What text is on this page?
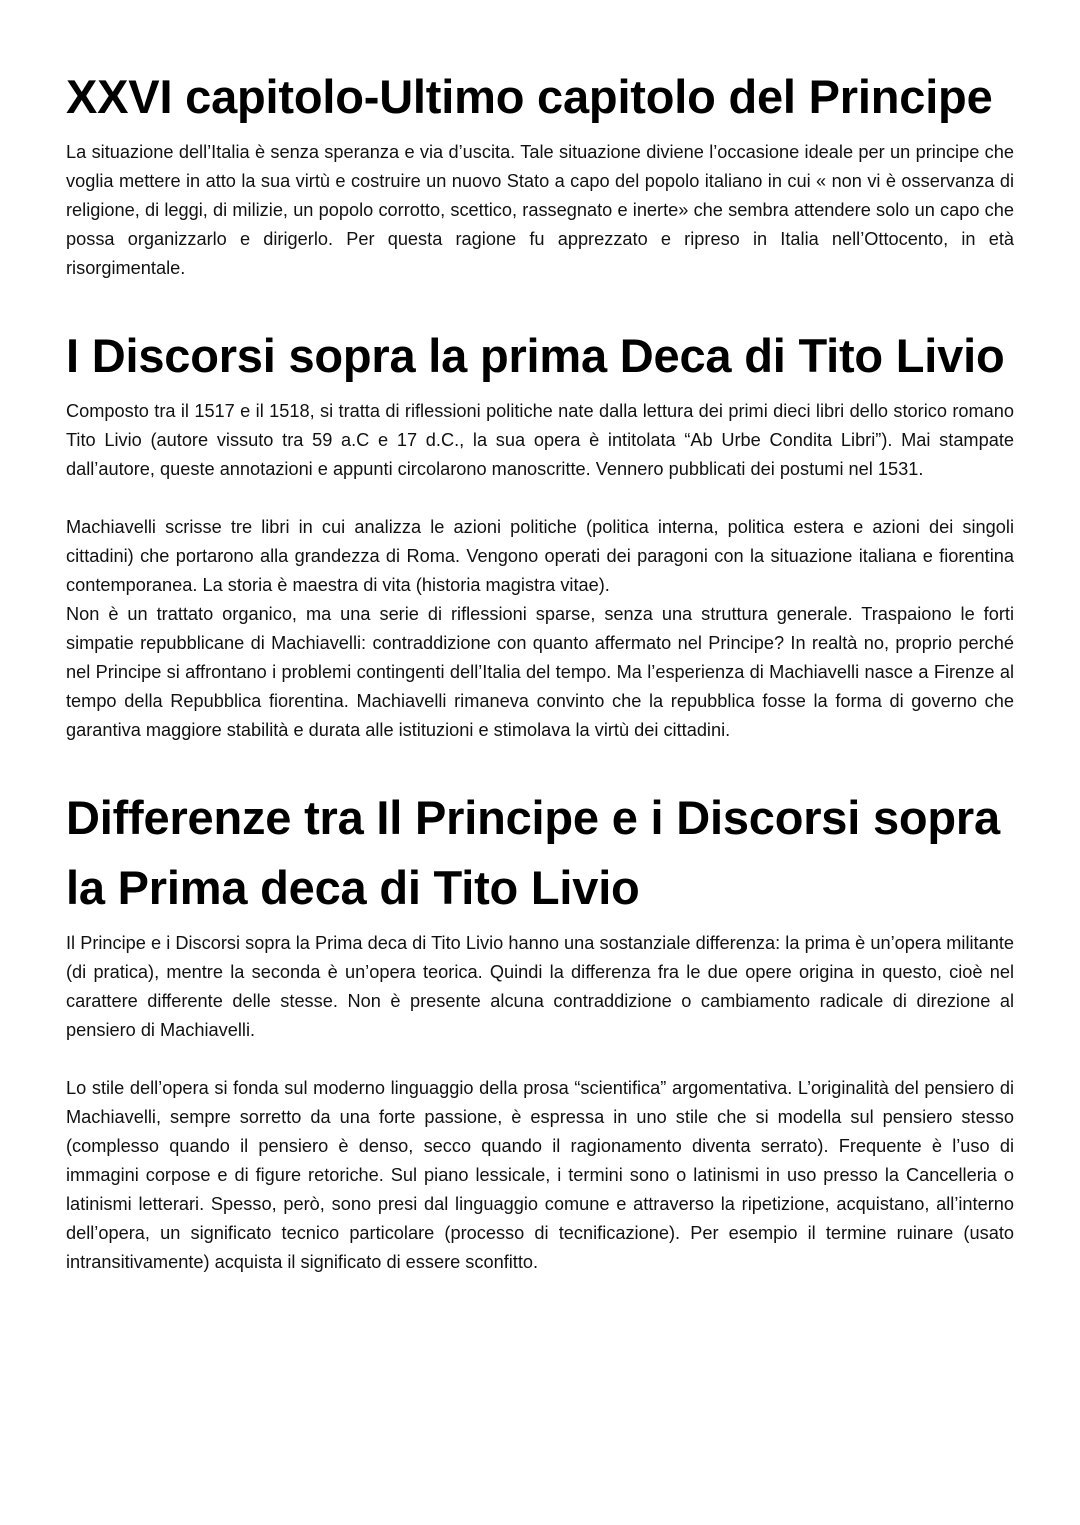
XXVI capitolo-Ultimo capitolo del Principe

La situazione dell’Italia è senza speranza e via d’uscita. Tale situazione diviene l’occasione ideale per un principe che voglia mettere in atto la sua virtù e costruire un nuovo Stato a capo del popolo italiano in cui « non vi è osservanza di religione, di leggi, di milizie, un popolo corrotto, scettico, rassegnato e inerte» che sembra attendere solo un capo che possa organizzarlo e dirigerlo. Per questa ragione fu apprezzato e ripreso in Italia nell’Ottocento, in età risorgimentale.

I Discorsi sopra la prima Deca di Tito Livio

Composto tra il 1517 e il 1518, si tratta di riflessioni politiche nate dalla lettura dei primi dieci libri dello storico romano Tito Livio (autore vissuto tra 59 a.C e 17 d.C., la sua opera è intitolata “Ab Urbe Condita Libri”). Mai stampate dall’autore, queste annotazioni e appunti circolarono manoscritte. Vennero pubblicati dei postumi nel 1531.

Machiavelli scrisse tre libri in cui analizza le azioni politiche (politica interna, politica estera e azioni dei singoli cittadini) che portarono alla grandezza di Roma. Vengono operati dei paragoni con la situazione italiana e fiorentina contemporanea. La storia è maestra di vita (historia magistra vitae).

Non è un trattato organico, ma una serie di riflessioni sparse, senza una struttura generale. Traspaiono le forti simpatie repubblicane di Machiavelli: contraddizione con quanto affermato nel Principe? In realtà no, proprio perché nel Principe si affrontano i problemi contingenti dell’Italia del tempo. Ma l’esperienza di Machiavelli nasce a Firenze al tempo della Repubblica fiorentina. Machiavelli rimaneva convinto che la repubblica fosse la forma di governo che garantiva maggiore stabilità e durata alle istituzioni e stimolava la virtù dei cittadini.

Differenze tra Il Principe e i Discorsi sopra la Prima deca di Tito Livio

Il Principe e i Discorsi sopra la Prima deca di Tito Livio hanno una sostanziale differenza: la prima è un’opera militante (di pratica), mentre la seconda è un’opera teorica. Quindi la differenza fra le due opere origina in questo, cioè nel carattere differente delle stesse. Non è presente alcuna contraddizione o cambiamento radicale di direzione al pensiero di Machiavelli.

Lo stile dell’opera si fonda sul moderno linguaggio della prosa “scientifica” argomentativa. L’originalità del pensiero di Machiavelli, sempre sorretto da una forte passione, è espressa in uno stile che si modella sul pensiero stesso (complesso quando il pensiero è denso, secco quando il ragionamento diventa serrato). Frequente è l’uso di immagini corpose e di figure retoriche. Sul piano lessicale, i termini sono o latinismi in uso presso la Cancelleria o latinismi letterari. Spesso, però, sono presi dal linguaggio comune e attraverso la ripetizione, acquistano, all’interno dell’opera, un significato tecnico particolare (processo di tecnificazione). Per esempio il termine ruinare (usato intransitivamente) acquista il significato di essere sconfitto.
